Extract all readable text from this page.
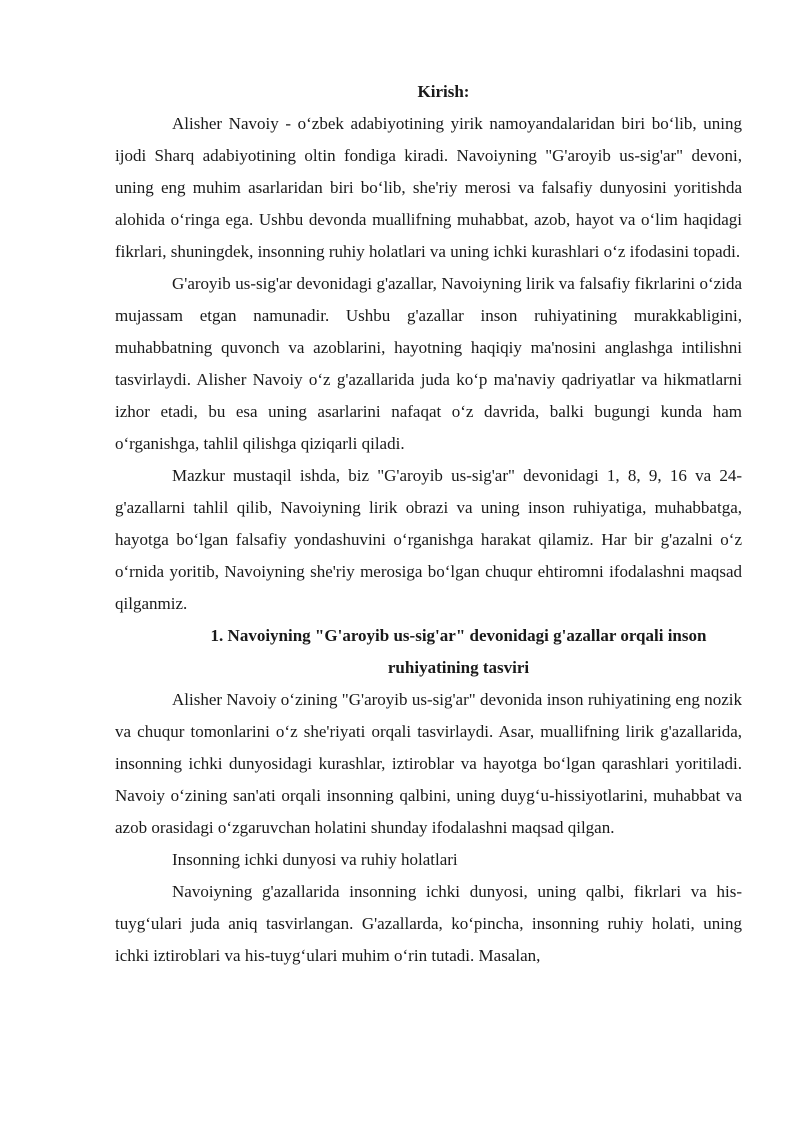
Kirish:

Alisher Navoiy - o‘zbek adabiyotining yirik namoyandalaridan biri bo‘lib, uning ijodi Sharq adabiyotining oltin fondiga kiradi. Navoiyning "G'aroyib us-sig'ar" devoni, uning eng muhim asarlaridan biri bo‘lib, she'riy merosi va falsafiy dunyosini yoritishda alohida o‘ringa ega. Ushbu devonda muallifning muhabbat, azob, hayot va o‘lim haqidagi fikrlari, shuningdek, insonning ruhiy holatlari va uning ichki kurashlari o‘z ifodasini topadi.

G'aroyib us-sig'ar devonidagi g'azallar, Navoiyning lirik va falsafiy fikrlarini o‘zida mujassam etgan namunadir. Ushbu g'azallar inson ruhiyatining murakkabligini, muhabbatning quvonch va azoblarini, hayotning haqiqiy ma'nosini anglashga intilishni tasvirlaydi. Alisher Navoiy o‘z g'azallarida juda ko‘p ma'naviy qadriyatlar va hikmatlarni izhor etadi, bu esa uning asarlarini nafaqat o‘z davrida, balki bugungi kunda ham o‘rganishga, tahlil qilishga qiziqarli qiladi.

Mazkur mustaqil ishda, biz "G'aroyib us-sig'ar" devonidagi 1, 8, 9, 16 va 24-g'azallarni tahlil qilib, Navoiyning lirik obrazi va uning inson ruhiyatiga, muhabbatga, hayotga bo‘lgan falsafiy yondashuvini o‘rganishga harakat qilamiz. Har bir g'azalni o‘z o‘rnida yoritib, Navoiyning she'riy merosiga bo‘lgan chuqur ehtiromni ifodalashni maqsad qilganmiz.

1. Navoiyning "G'aroyib us-sig'ar" devonidagi g'azallar orqali inson ruhiyatining tasviri

Alisher Navoiy o‘zining "G'aroyib us-sig'ar" devonida inson ruhiyatining eng nozik va chuqur tomonlarini o‘z she'riyati orqali tasvirlaydi. Asar, muallifning lirik g'azallarida, insonning ichki dunyosidagi kurashlar, iztiroblar va hayotga bo‘lgan qarashlari yoritiladi. Navoiy o‘zining san'ati orqali insonning qalbini, uning duyg‘u-hissiyotlarini, muhabbat va azob orasidagi o‘zgaruvchan holatini shunday ifodalashni maqsad qilgan.

Insonning ichki dunyosi va ruhiy holatlari

Navoiyning g'azallarida insonning ichki dunyosi, uning qalbi, fikrlari va his-tuyg‘ulari juda aniq tasvirlangan. G'azallarda, ko‘pincha, insonning ruhiy holati, uning ichki iztiroblari va his-tuyg‘ulari muhim o‘rin tutadi. Masalan,
